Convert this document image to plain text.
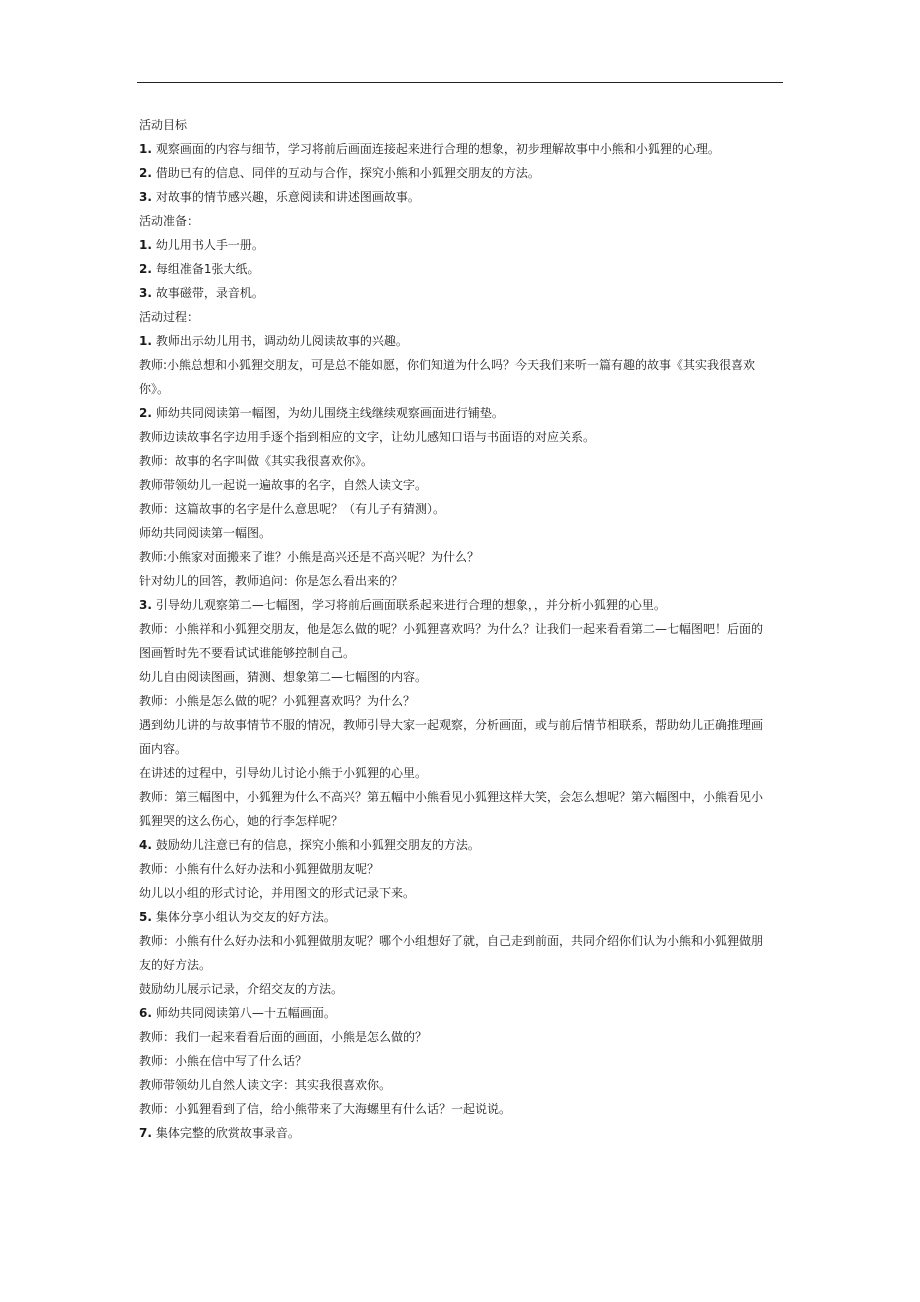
活动目标
1. 观察画面的内容与细节，学习将前后画面连接起来进行合理的想象，初步理解故事中小熊和小狐狸的心理。
2. 借助已有的信息、同伴的互动与合作，探究小熊和小狐狸交朋友的方法。
3. 对故事的情节感兴趣，乐意阅读和讲述图画故事。
活动准备：
1. 幼儿用书人手一册。
2. 每组准备1张大纸。
3. 故事磁带，录音机。
活动过程：
1. 教师出示幼儿用书，调动幼儿阅读故事的兴趣。
教师:小熊总想和小狐狸交朋友，可是总不能如愿，你们知道为什么吗？今天我们来听一篇有趣的故事《其实我很喜欢
你》。
2. 师幼共同阅读第一幅图，为幼儿围绕主线继续观察画面进行铺垫。
教师边读故事名字边用手逐个指到相应的文字，让幼儿感知口语与书面语的对应关系。
教师：故事的名字叫做《其实我很喜欢你》。
教师带领幼儿一起说一遍故事的名字，自然人读文字。
教师：这篇故事的名字是什么意思呢？（有儿子有猜测）。
师幼共同阅读第一幅图。
教师:小熊家对面搬来了谁？小熊是高兴还是不高兴呢？为什么？
针对幼儿的回答，教师追问：你是怎么看出来的？
3. 引导幼儿观察第二—七幅图，学习将前后画面联系起来进行合理的想象，，并分析小狐狸的心里。
教师：小熊祥和小狐狸交朋友，他是怎么做的呢？小狐狸喜欢吗？为什么？让我们一起来看看第二—七幅图吧！后面的
图画暂时先不要看试试谁能够控制自己。
幼儿自由阅读图画，猜测、想象第二—七幅图的内容。
教师：小熊是怎么做的呢？小狐狸喜欢吗？为什么？
遇到幼儿讲的与故事情节不服的情况，教师引导大家一起观察，分析画面，或与前后情节相联系，帮助幼儿正确推理画
面内容。
在讲述的过程中，引导幼儿讨论小熊于小狐狸的心里。
教师：第三幅图中，小狐狸为什么不高兴？第五幅中小熊看见小狐狸这样大笑，会怎么想呢？第六幅图中，小熊看见小
狐狸哭的这么伤心，她的行李怎样呢？
4. 鼓励幼儿注意已有的信息，探究小熊和小狐狸交朋友的方法。
教师：小熊有什么好办法和小狐狸做朋友呢？
幼儿以小组的形式讨论，并用图文的形式记录下来。
5. 集体分享小组认为交友的好方法。
教师：小熊有什么好办法和小狐狸做朋友呢？哪个小组想好了就，自己走到前面，共同介绍你们认为小熊和小狐狸做朋
友的好方法。
鼓励幼儿展示记录，介绍交友的方法。
6. 师幼共同阅读第八—十五幅画面。
教师：我们一起来看看后面的画面，小熊是怎么做的？
教师：小熊在信中写了什么话？
教师带领幼儿自然人读文字：其实我很喜欢你。
教师：小狐狸看到了信，给小熊带来了大海螺里有什么话？一起说说。
7. 集体完整的欣赏故事录音。
